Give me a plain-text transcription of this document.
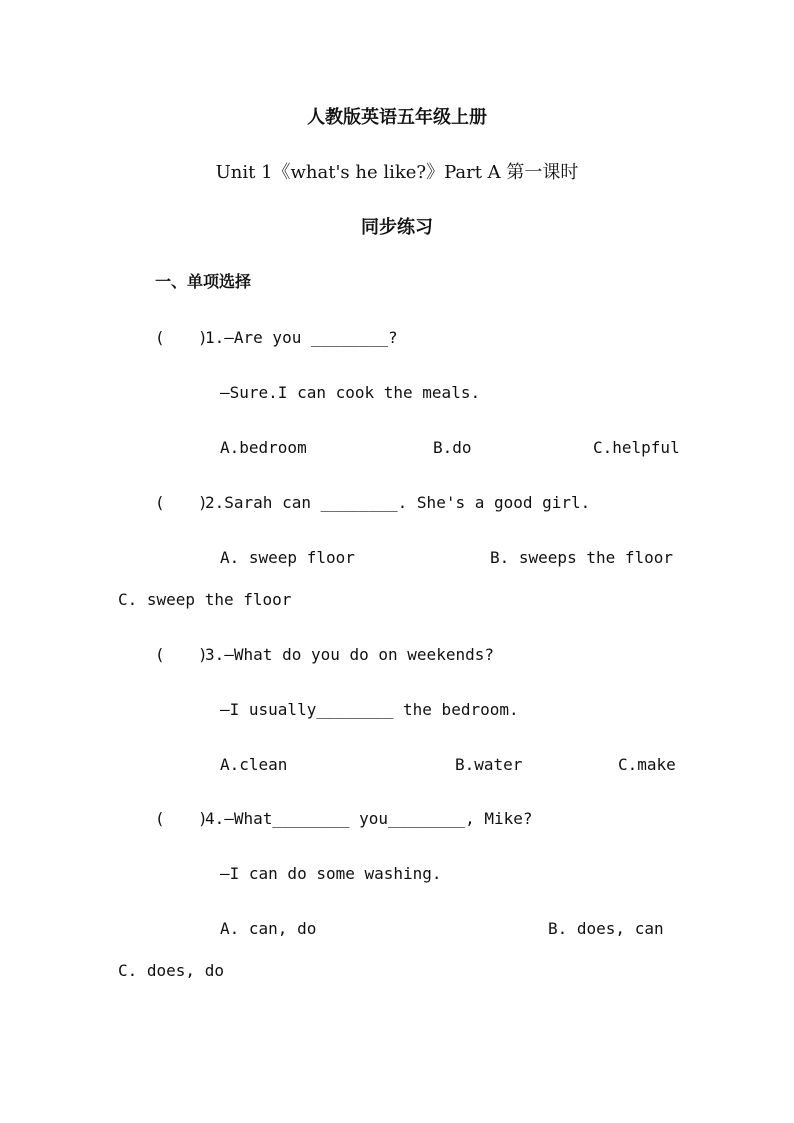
人教版英语五年级上册
Unit 1《what's he like?》Part A 第一课时
同步练习
一、单项选择
( )
1.—Are you ________?
—Sure.I can cook the meals.
A.bedroom	B.do	C.helpful
( )
2.Sarah can ________. She's a good girl.
A. sweep floor	B. sweeps the floor
C. sweep the floor
( )
3.—What do you do on weekends?
—I usually________ the bedroom.
A.clean	B.water	C.make
( )
4.—What________ you________, Mike?
—I can do some washing.
A. can, do	B. does, can
C. does, do
